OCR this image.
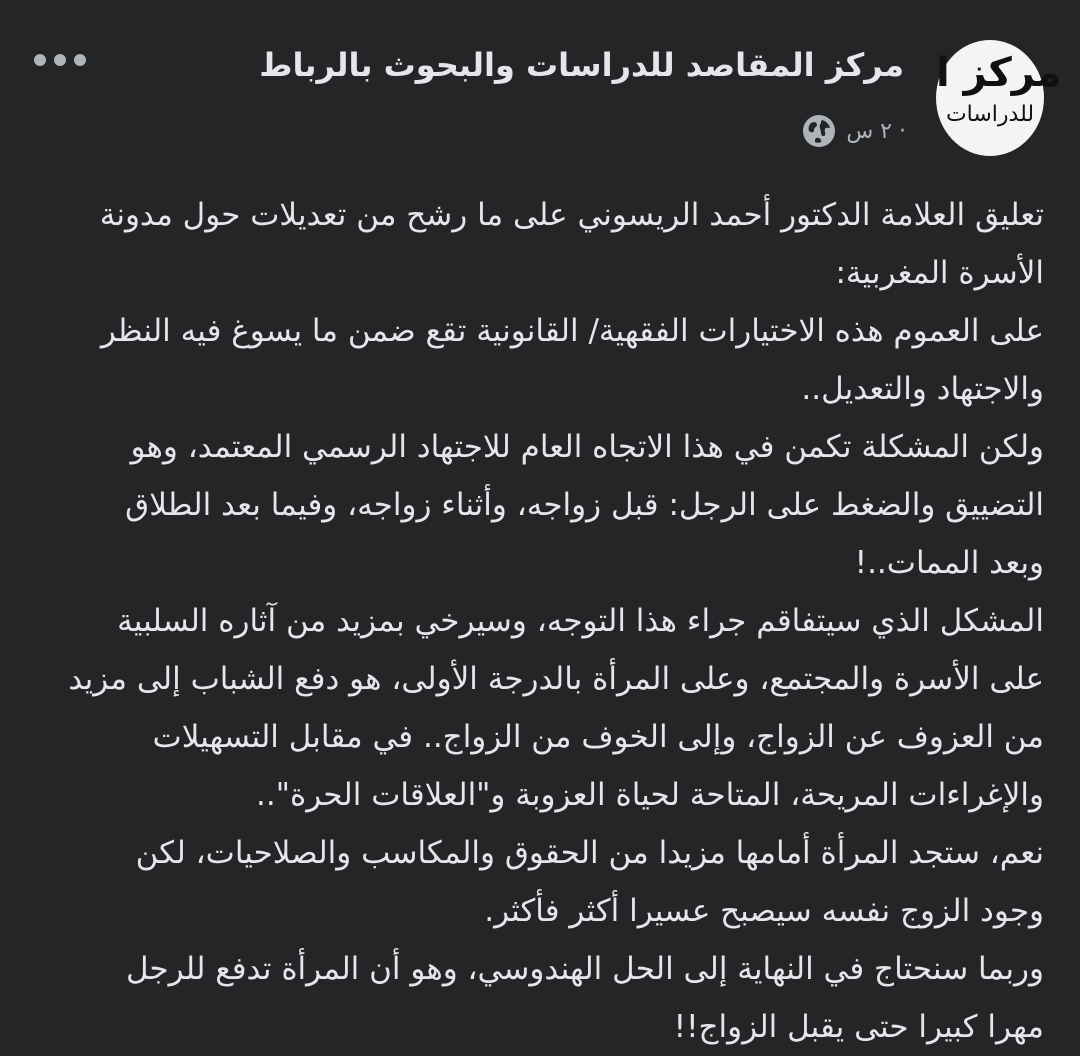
مركز ا
للدراسات
مركز المقاصد للدراسات والبحوث بالرباط
٢ س ·
تعليق العلامة الدكتور أحمد الريسوني على ما رشح من تعديلات حول مدونة
الأسرة المغربية:
على العموم هذه الاختيارات الفقهية/ القانونية تقع ضمن ما يسوغ فيه النظر
والاجتهاد والتعديل..
ولكن المشكلة تكمن في هذا الاتجاه العام للاجتهاد الرسمي المعتمد، وهو
التضييق والضغط على الرجل: قبل زواجه، وأثناء زواجه، وفيما بعد الطلاق
وبعد الممات..!
المشكل الذي سيتفاقم جراء هذا التوجه، وسيرخي بمزيد من آثاره السلبية
على الأسرة والمجتمع، وعلى المرأة بالدرجة الأولى، هو دفع الشباب إلى مزيد
من العزوف عن الزواج، وإلى الخوف من الزواج.. في مقابل التسهيلات
والإغراءات المريحة، المتاحة لحياة العزوبة و"العلاقات الحرة"..
نعم، ستجد المرأة أمامها مزيدا من الحقوق والمكاسب والصلاحيات، لكن
وجود الزوج نفسه سيصبح عسيرا أكثر فأكثر.
وربما سنحتاج في النهاية إلى الحل الهندوسي، وهو أن المرأة تدفع للرجل
مهرا كبيرا حتى يقبل الزواج!!
